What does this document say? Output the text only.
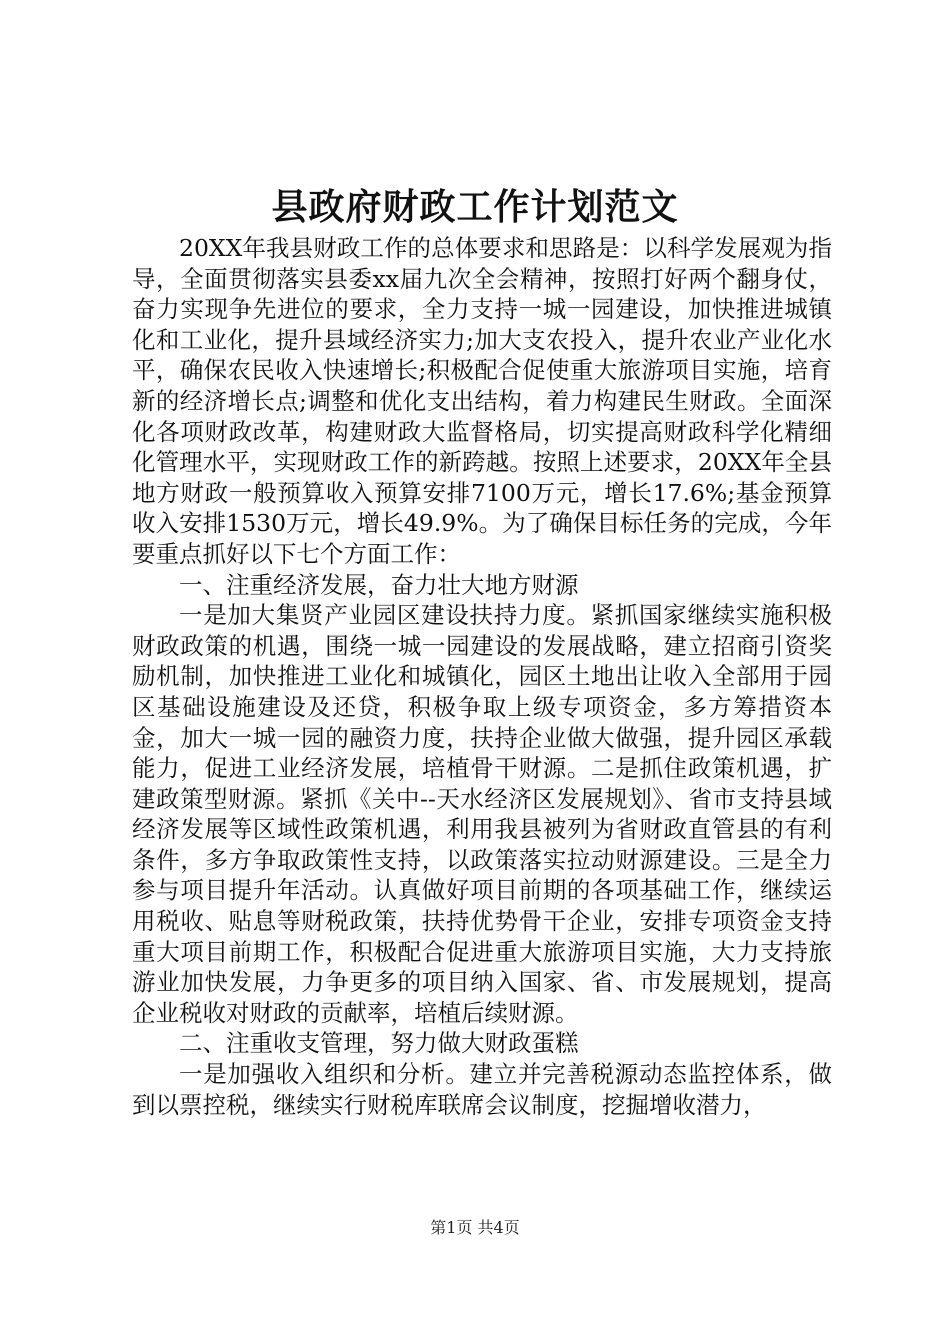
县政府财政工作计划范文

20XX年我县财政工作的总体要求和思路是：以科学发展观为指导，全面贯彻落实县委xx届九次全会精神，按照打好两个翻身仗，奋力实现争先进位的要求，全力支持一城一园建设，加快推进城镇化和工业化，提升县域经济实力;加大支农投入，提升农业产业化水平，确保农民收入快速增长;积极配合促使重大旅游项目实施，培育新的经济增长点;调整和优化支出结构，着力构建民生财政。全面深化各项财政改革，构建财政大监督格局，切实提高财政科学化精细化管理水平，实现财政工作的新跨越。按照上述要求，20XX年全县地方财政一般预算收入预算安排7100万元，增长17.6%;基金预算收入安排1530万元，增长49.9%。为了确保目标任务的完成，今年要重点抓好以下七个方面工作：

一、注重经济发展，奋力壮大地方财源

一是加大集贤产业园区建设扶持力度。紧抓国家继续实施积极财政政策的机遇，围绕一城一园建设的发展战略，建立招商引资奖励机制，加快推进工业化和城镇化，园区土地出让收入全部用于园区基础设施建设及还贷，积极争取上级专项资金，多方筹措资本金，加大一城一园的融资力度，扶持企业做大做强，提升园区承载能力，促进工业经济发展，培植骨干财源。二是抓住政策机遇，扩建政策型财源。紧抓《关中--天水经济区发展规划》、省市支持县域经济发展等区域性政策机遇，利用我县被列为省财政直管县的有利条件，多方争取政策性支持，以政策落实拉动财源建设。三是全力参与项目提升年活动。认真做好项目前期的各项基础工作，继续运用税收、贴息等财税政策，扶持优势骨干企业，安排专项资金支持重大项目前期工作，积极配合促进重大旅游项目实施，大力支持旅游业加快发展，力争更多的项目纳入国家、省、市发展规划，提高企业税收对财政的贡献率，培植后续财源。

二、注重收支管理，努力做大财政蛋糕

一是加强收入组织和分析。建立并完善税源动态监控体系，做到以票控税，继续实行财税库联席会议制度，挖掘增收潜力，

第1页 共4页
